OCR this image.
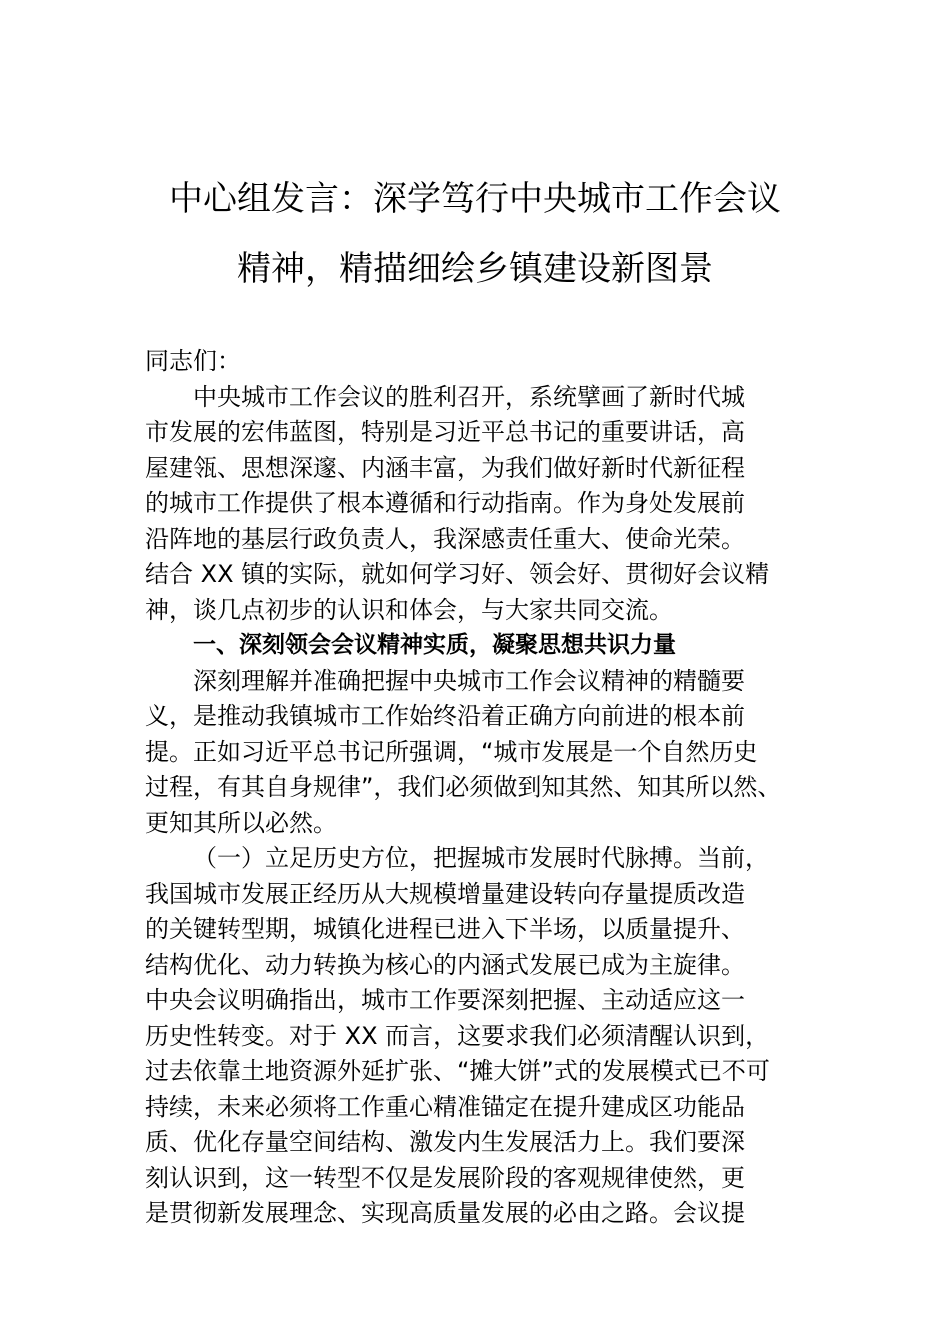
中心组发言：深学笃行中央城市工作会议
精神，精描细绘乡镇建设新图景
同志们：
中央城市工作会议的胜利召开，系统擘画了新时代城
市发展的宏伟蓝图，特别是习近平总书记的重要讲话，高
屋建瓴、思想深邃、内涵丰富，为我们做好新时代新征程
的城市工作提供了根本遵循和行动指南。作为身处发展前
沿阵地的基层行政负责人，我深感责任重大、使命光荣。
结合 XX 镇的实际，就如何学习好、领会好、贯彻好会议精
神，谈几点初步的认识和体会，与大家共同交流。
一、深刻领会会议精神实质，凝聚思想共识力量
深刻理解并准确把握中央城市工作会议精神的精髓要
义，是推动我镇城市工作始终沿着正确方向前进的根本前
提。正如习近平总书记所强调，“城市发展是一个自然历史
过程，有其自身规律”，我们必须做到知其然、知其所以然、
更知其所以必然。
（一）立足历史方位，把握城市发展时代脉搏。当前，
我国城市发展正经历从大规模增量建设转向存量提质改造
的关键转型期，城镇化进程已进入下半场，以质量提升、
结构优化、动力转换为核心的内涵式发展已成为主旋律。
中央会议明确指出，城市工作要深刻把握、主动适应这一
历史性转变。对于 XX 而言，这要求我们必须清醒认识到，
过去依靠土地资源外延扩张、“摊大饼”式的发展模式已不可
持续，未来必须将工作重心精准锚定在提升建成区功能品
质、优化存量空间结构、激发内生发展活力上。我们要深
刻认识到，这一转型不仅是发展阶段的客观规律使然，更
是贯彻新发展理念、实现高质量发展的必由之路。会议提
